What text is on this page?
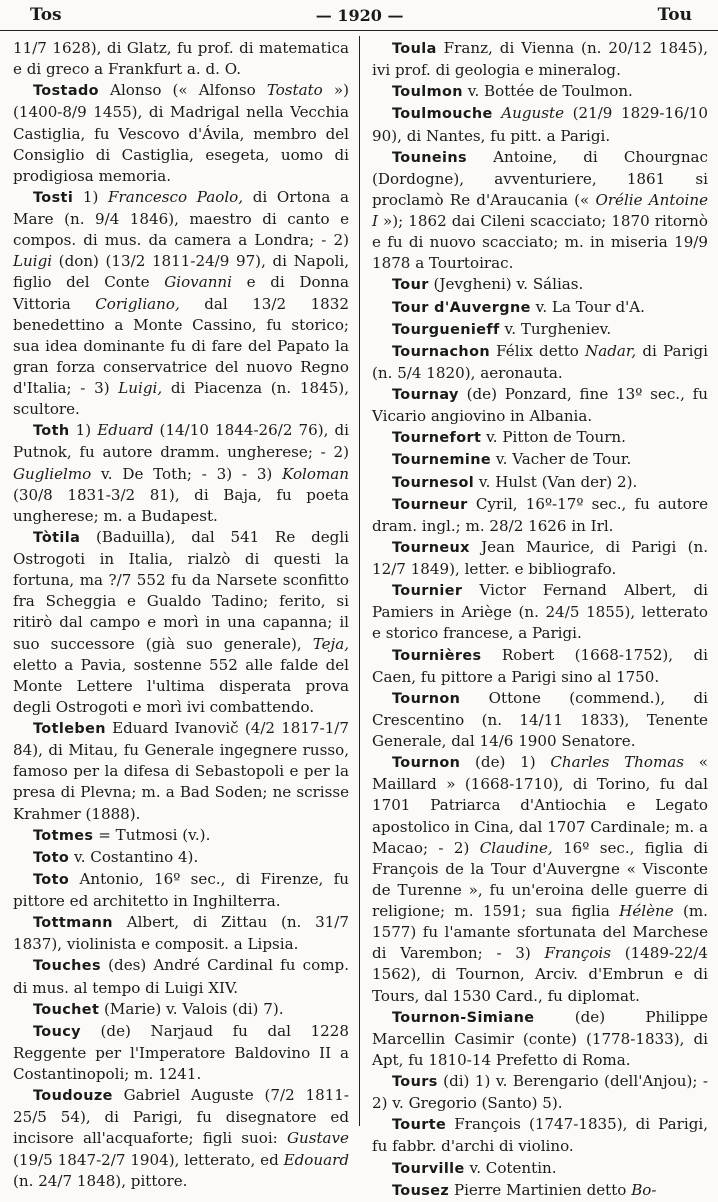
Tos	— 1920 —	Tou

11/7 1628), di Glatz, fu prof. di matematica e di greco a Frankfurt a. d. O.

Tostado Alonso (« Alfonso Tostato ») (1400-8/9 1455), di Madrigal nella Vecchia Castiglia, fu Vescovo d'Ávila, membro del Consiglio di Castiglia, esegeta, uomo di prodigiosa memoria.

Tosti 1) Francesco Paolo, di Ortona a Mare (n. 9/4 1846), maestro di canto e compos. di mus. da camera a Londra; - 2) Luigi (don) (13/2 1811-24/9 97), di Napoli, figlio del Conte Giovanni e di Donna Vittoria Corigliano, dal 13/2 1832 benedettino a Monte Cassino, fu storico; sua idea dominante fu di fare del Papato la gran forza conservatrice del nuovo Regno d'Italia; - 3) Luigi, di Piacenza (n. 1845), scultore.

Toth 1) Eduard (14/10 1844-26/2 76), di Putnok, fu autore dramm. ungherese; - 2) Guglielmo v. De Toth; - 3) - 3) Koloman (30/8 1831-3/2 81), di Baja, fu poeta ungherese; m. a Budapest.

Tòtila (Baduilla), dal 541 Re degli Ostrogoti in Italia, rialzò di questi la fortuna, ma ?/7 552 fu da Narsete sconfitto fra Scheggia e Gualdo Tadino; ferito, si ritirò dal campo e morì in una capanna; il suo successore (già suo generale), Teja, eletto a Pavia, sostenne 552 alle falde del Monte Lettere l'ultima disperata prova degli Ostrogoti e morì ivi combattendo.

Totleben Eduard Ivanovič (4/2 1817-1/7 84), di Mitau, fu Generale ingegnere russo, famoso per la difesa di Sebastopoli e per la presa di Plevna; m. a Bad Soden; ne scrisse Krahmer (1888).

Totmes = Tutmosi (v.).

Toto v. Costantino 4).

Toto Antonio, 16º sec., di Firenze, fu pittore ed architetto in Inghilterra.

Tottmann Albert, di Zittau (n. 31/7 1837), violinista e composit. a Lipsia.

Touches (des) André Cardinal fu comp. di mus. al tempo di Luigi XIV.

Touchet (Marie) v. Valois (di) 7).

Toucy (de) Narjaud fu dal 1228 Reggente per l'Imperatore Baldovino II a Costantinopoli; m. 1241.

Toudouze Gabriel Auguste (7/2 1811-25/5 54), di Parigi, fu disegnatore ed incisore all'acquaforte; figli suoi: Gustave (19/5 1847-2/7 1904), letterato, ed Edouard (n. 24/7 1848), pittore.

Toula Franz, di Vienna (n. 20/12 1845), ivi prof. di geologia e mineralog.

Toulmon v. Bottée de Toulmon.

Toulmouche Auguste (21/9 1829-16/10 90), di Nantes, fu pitt. a Parigi.

Touneins Antoine, di Chourgnac (Dordogne), avventuriere, 1861 si proclamò Re d'Araucania (« Orélie Antoine I »); 1862 dai Cileni scacciato; 1870 ritornò e fu di nuovo scacciato; m. in miseria 19/9 1878 a Tourtoirac.

Tour (Jevgheni) v. Sálias.

Tour d'Auvergne v. La Tour d'A.

Tourguenieff v. Turgheniev.

Tournachon Félix detto Nadar, di Parigi (n. 5/4 1820), aeronauta.

Tournay (de) Ponzard, fine 13º sec., fu Vicario angiovino in Albania.

Tournefort v. Pitton de Tourn.

Tournemine v. Vacher de Tour.

Tournesol v. Hulst (Van der) 2).

Tourneur Cyril, 16º-17º sec., fu autore dram. ingl.; m. 28/2 1626 in Irl.

Tourneux Jean Maurice, di Parigi (n. 12/7 1849), letter. e bibliografo.

Tournier Victor Fernand Albert, di Pamiers in Ariège (n. 24/5 1855), letterato e storico francese, a Parigi.

Tournières Robert (1668-1752), di Caen, fu pittore a Parigi sino al 1750.

Tournon Ottone (commend.), di Crescentino (n. 14/11 1833), Tenente Generale, dal 14/6 1900 Senatore.

Tournon (de) 1) Charles Thomas « Maillard » (1668-1710), di Torino, fu dal 1701 Patriarca d'Antiochia e Legato apostolico in Cina, dal 1707 Cardinale; m. a Macao; - 2) Claudine, 16º sec., figlia di François de la Tour d'Auvergne « Visconte de Turenne », fu un'eroina delle guerre di religione; m. 1591; sua figlia Hélène (m. 1577) fu l'amante sfortunata del Marchese di Varembon; - 3) François (1489-22/4 1562), di Tournon, Arciv. d'Embrun e di Tours, dal 1530 Card., fu diplomat.

Tournon-Simiane (de) Philippe Marcellin Casimir (conte) (1778-1833), di Apt, fu 1810-14 Prefetto di Roma.

Tours (di) 1) v. Berengario (dell'Anjou); - 2) v. Gregorio (Santo) 5).

Tourte François (1747-1835), di Parigi, fu fabbr. d'archi di violino.

Tourville v. Cotentin.

Tousez Pierre Martinien detto Bo-
